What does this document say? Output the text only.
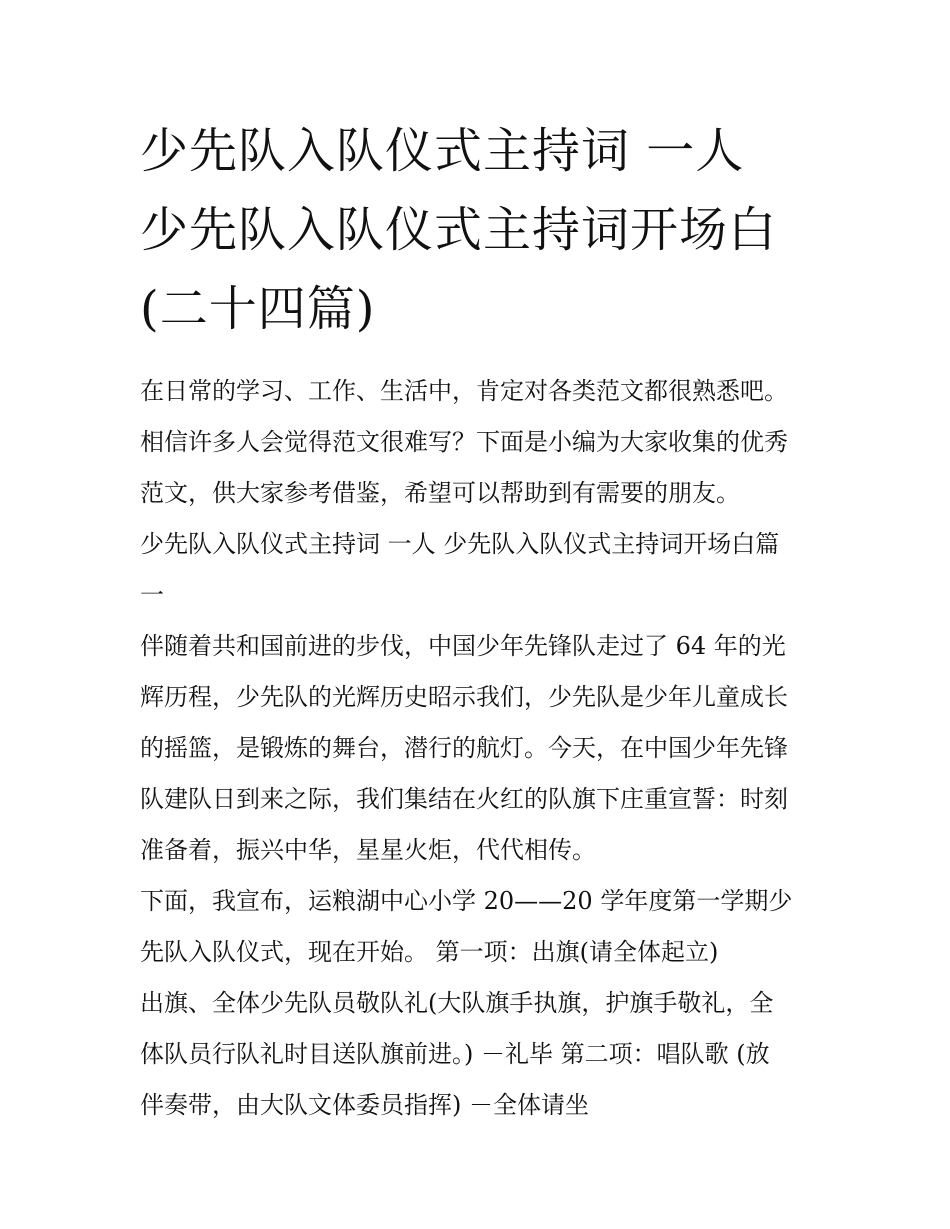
少先队入队仪式主持词 一人
少先队入队仪式主持词开场白
(二十四篇)

在日常的学习、工作、生活中，肯定对各类范文都很熟悉吧。
相信许多人会觉得范文很难写？下面是小编为大家收集的优秀
范文，供大家参考借鉴，希望可以帮助到有需要的朋友。

少先队入队仪式主持词 一人 少先队入队仪式主持词开场白篇
一

伴随着共和国前进的步伐，中国少年先锋队走过了 64 年的光
辉历程，少先队的光辉历史昭示我们，少先队是少年儿童成长
的摇篮，是锻炼的舞台，潜行的航灯。今天，在中国少年先锋
队建队日到来之际，我们集结在火红的队旗下庄重宣誓：时刻
准备着，振兴中华，星星火炬，代代相传。

下面，我宣布，运粮湖中心小学 20——20 学年度第一学期少
先队入队仪式，现在开始。 第一项：出旗(请全体起立)

出旗、全体少先队员敬队礼(大队旗手执旗，护旗手敬礼，全
体队员行队礼时目送队旗前进。) －礼毕 第二项：唱队歌 (放
伴奏带，由大队文体委员指挥) －全体请坐
